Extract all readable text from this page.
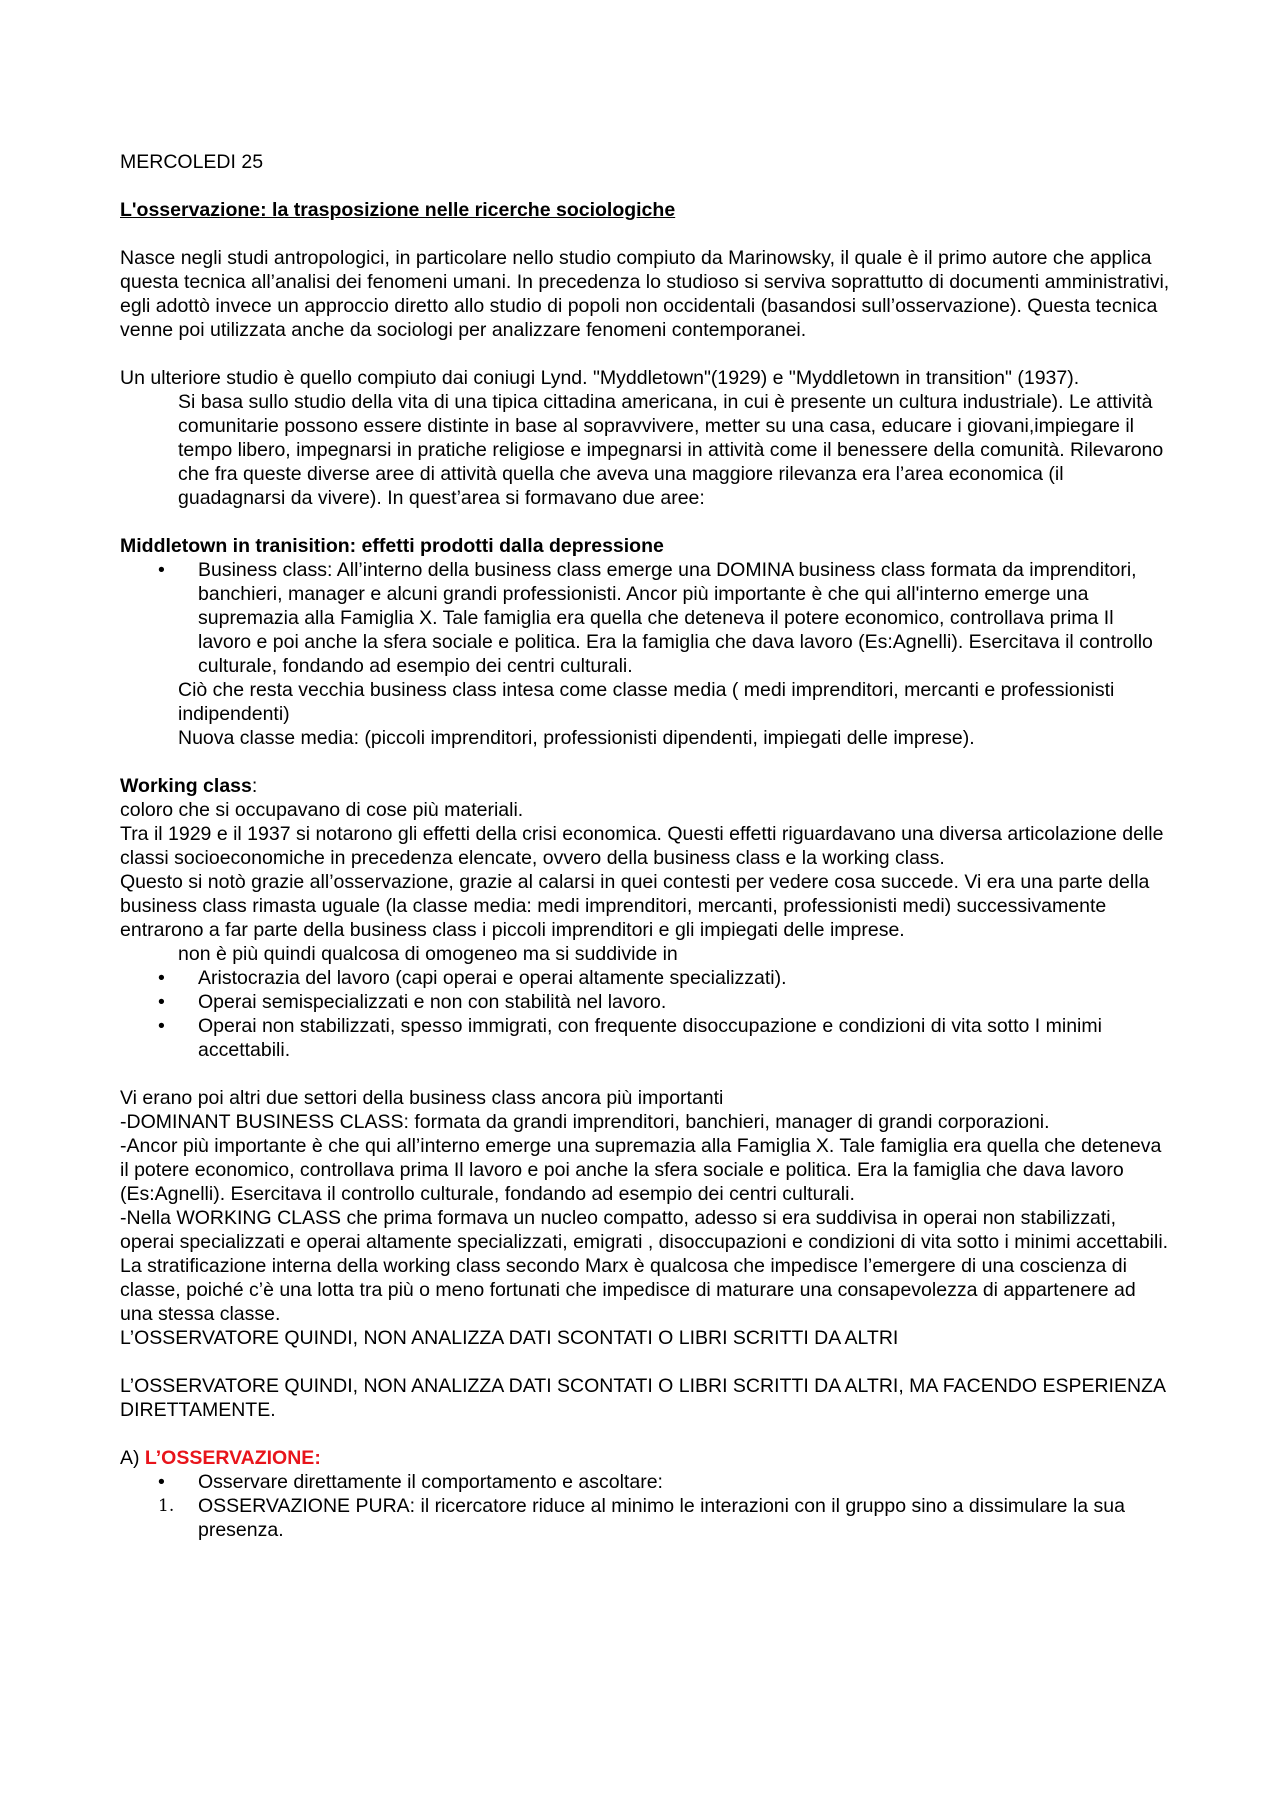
MERCOLEDI 25

L'osservazione: la trasposizione nelle ricerche sociologiche

Nasce negli studi antropologici, in particolare nello studio compiuto da Marinowsky, il quale è il primo autore che applica questa tecnica all’analisi dei fenomeni umani. In precedenza lo studioso si serviva soprattutto di documenti amministrativi, egli adottò invece un approccio diretto allo studio di popoli non occidentali (basandosi sull’osservazione). Questa tecnica venne poi utilizzata anche da sociologi per analizzare fenomeni contemporanei.

Un ulteriore studio è quello compiuto dai coniugi Lynd. "Myddletown"(1929) e "Myddletown in transition" (1937).

Si basa sullo studio della vita di una tipica cittadina americana, in cui è presente un cultura industriale). Le attività comunitarie possono essere distinte in base al sopravvivere, metter su una casa, educare i giovani,impiegare il tempo libero, impegnarsi in pratiche religiose e impegnarsi in attività come il benessere della comunità. Rilevarono che fra queste diverse aree di attività quella che aveva una maggiore rilevanza era l’area economica (il guadagnarsi da vivere). In quest’area si formavano due aree:

Middletown in tranisition: effetti prodotti dalla depressione

• Business class: All’interno della business class emerge una DOMINA business class formata da imprenditori, banchieri, manager e alcuni grandi professionisti. Ancor più importante è che qui all'interno emerge una supremazia alla Famiglia X. Tale famiglia era quella che deteneva il potere economico, controllava prima Il lavoro e poi anche la sfera sociale e politica. Era la famiglia che dava lavoro (Es:Agnelli). Esercitava il controllo culturale, fondando ad esempio dei centri culturali.

Ciò che resta vecchia business class intesa come classe media ( medi imprenditori, mercanti e professionisti indipendenti)

Nuova classe media: (piccoli imprenditori, professionisti dipendenti, impiegati delle imprese).

Working class:

coloro che si occupavano di cose più materiali.

Tra il 1929 e il 1937 si notarono gli effetti della crisi economica. Questi effetti riguardavano una diversa articolazione delle classi socioeconomiche in precedenza elencate, ovvero della business class e la working class.

Questo si notò grazie all’osservazione, grazie al calarsi in quei contesti per vedere cosa succede. Vi era una parte della business class rimasta uguale (la classe media: medi imprenditori, mercanti, professionisti medi) successivamente entrarono a far parte della business class i piccoli imprenditori e gli impiegati delle imprese.

non è più quindi qualcosa di omogeneo ma si suddivide in

• Aristocrazia del lavoro (capi operai e operai altamente specializzati).
• Operai semispecializzati e non con stabilità nel lavoro.
• Operai non stabilizzati, spesso immigrati, con frequente disoccupazione e condizioni di vita sotto I minimi accettabili.

Vi erano poi altri due settori della business class ancora più importanti

-DOMINANT BUSINESS CLASS: formata da grandi imprenditori, banchieri, manager di grandi corporazioni.

-Ancor più importante è che qui all’interno emerge una supremazia alla Famiglia X. Tale famiglia era quella che deteneva il potere economico, controllava prima Il lavoro e poi anche la sfera sociale e politica. Era la famiglia che dava lavoro (Es:Agnelli). Esercitava il controllo culturale, fondando ad esempio dei centri culturali.

-Nella WORKING CLASS che prima formava un nucleo compatto, adesso si era suddivisa in operai non stabilizzati, operai specializzati e operai altamente specializzati, emigrati , disoccupazioni e condizioni di vita sotto i minimi accettabili. La stratificazione interna della working class secondo Marx è qualcosa che impedisce l’emergere di una coscienza di classe, poiché c’è una lotta tra più o meno fortunati che impedisce di maturare una consapevolezza di appartenere ad una stessa classe.

L’OSSERVATORE QUINDI, NON ANALIZZA DATI SCONTATI O LIBRI SCRITTI DA ALTRI

L’OSSERVATORE QUINDI, NON ANALIZZA DATI SCONTATI O LIBRI SCRITTI DA ALTRI, MA FACENDO ESPERIENZA DIRETTAMENTE.

A) L’OSSERVAZIONE:

• Osservare direttamente il comportamento e ascoltare:
1. OSSERVAZIONE PURA: il ricercatore riduce al minimo le interazioni con il gruppo sino a dissimulare la sua presenza.
